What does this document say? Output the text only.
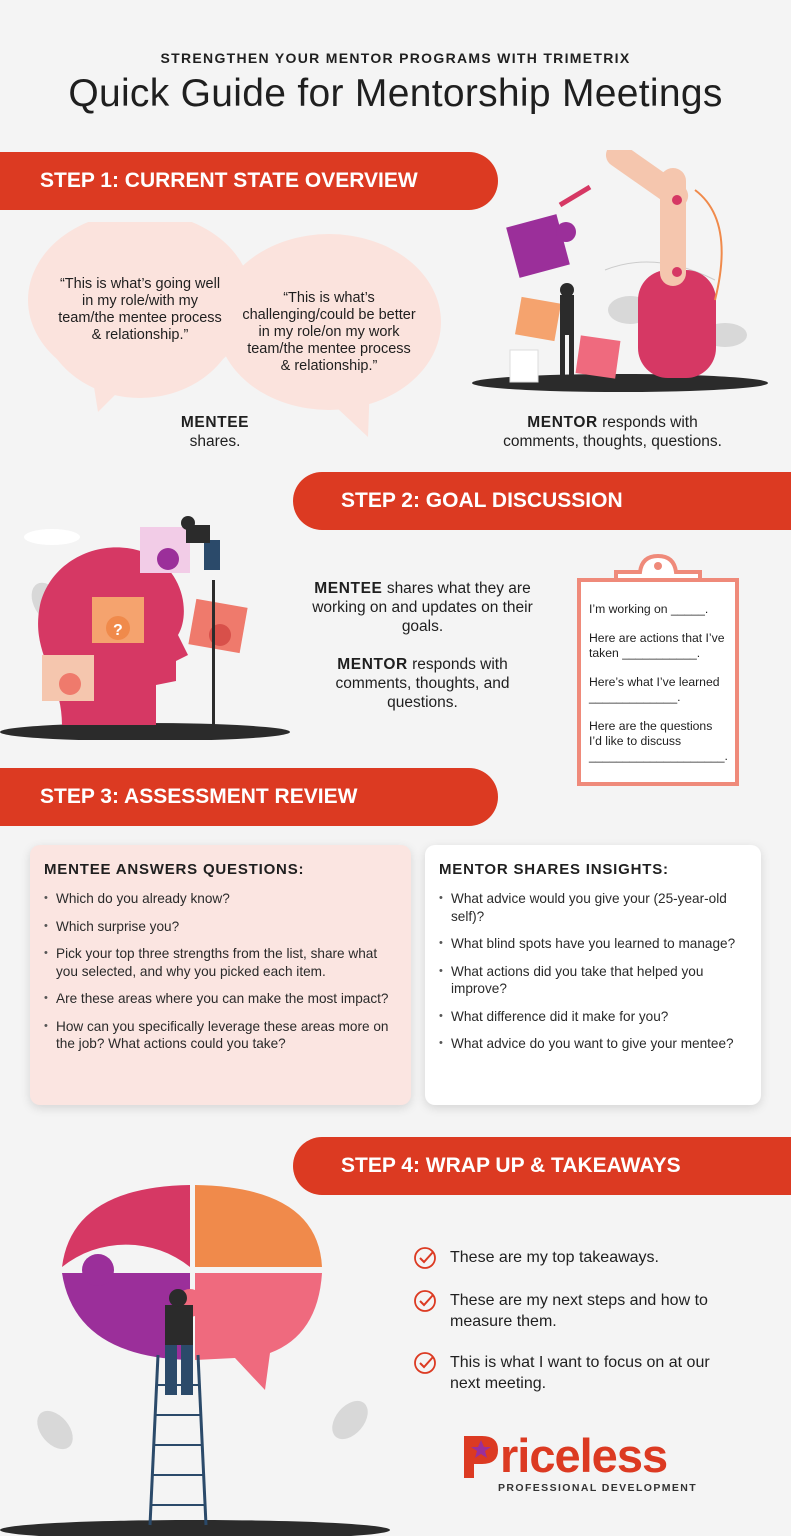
STRENGTHEN YOUR MENTOR PROGRAMS WITH TRIMETRIX
Quick Guide for Mentorship Meetings
STEP 1: CURRENT STATE OVERVIEW
“This is what’s going well in my role/with my team/the mentee process & relationship.”
“This is what’s challenging/could be better in my role/on my work team/the mentee process & relationship.”
MENTEE
shares.
MENTOR responds with
comments, thoughts, questions.
STEP 2: GOAL DISCUSSION
?
MENTEE shares what they are working on and updates on their goals.
MENTOR responds with comments, thoughts, and questions.

I’m working on _____.

Here are actions that I’ve taken ___________.

Here’s what I’ve learned _____________.

Here are the questions I’d like to discuss ____________________.

STEP 3: ASSESSMENT REVIEW
MENTEE ANSWERS QUESTIONS:
• Which do you already know?
• Which surprise you?
• Pick your top three strengths from the list, share what you selected, and why you picked each item.
• Are these areas where you can make the most impact?
• How can you specifically leverage these areas more on the job? What actions could you take?
MENTOR SHARES INSIGHTS:
• What advice would you give your (25-year-old self)?
• What blind spots have you learned to manage?
• What actions did you take that helped you improve?
• What difference did it make for you?
• What advice do you want to give your mentee?
STEP 4: WRAP UP & TAKEAWAYS
These are my top takeaways.
These are my next steps and how to measure them.
This is what I want to focus on at our next meeting.
riceless
PROFESSIONAL DEVELOPMENT
